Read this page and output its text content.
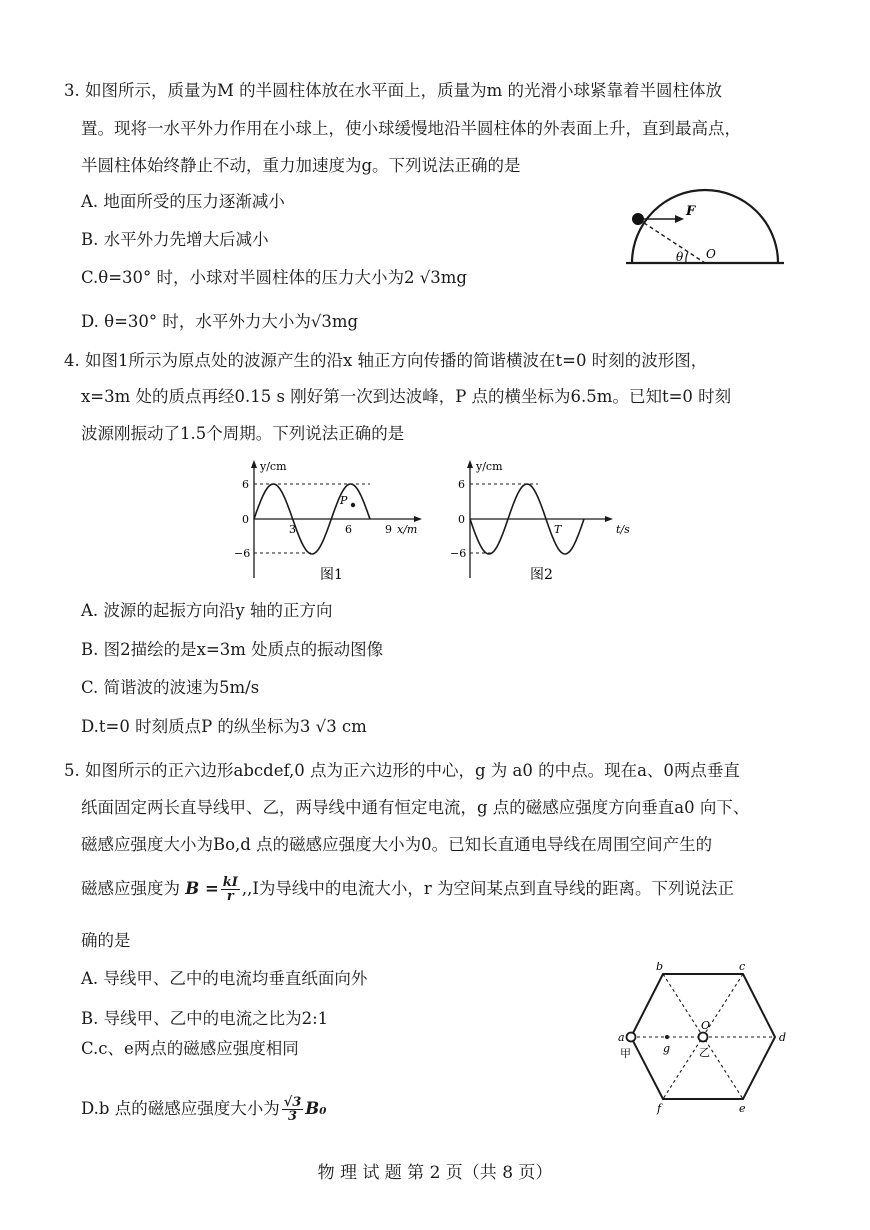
3. 如图所示，质量为M 的半圆柱体放在水平面上，质量为m 的光滑小球紧靠着半圆柱体放
置。现将一水平外力作用在小球上，使小球缓慢地沿半圆柱体的外表面上升，直到最高点，
半圆柱体始终静止不动，重力加速度为g。下列说法正确的是
A. 地面所受的压力逐渐减小
B. 水平外力先增大后减小
C.θ=30° 时，小球对半圆柱体的压力大小为2 √3mg
D. θ=30° 时，水平外力大小为√3mg
F
θ O
4. 如图1所示为原点处的波源产生的沿x 轴正方向传播的简谐横波在t=0 时刻的波形图，
x=3m 处的质点再经0.15 s 刚好第一次到达波峰，P 点的横坐标为6.5m。已知t=0 时刻
波源刚振动了1.5个周期。下列说法正确的是
y/cm
6
0
−6
3	6	9 x/m
P
图1
y/cm
6
0
−6
T	t/s
图2
A. 波源的起振方向沿y 轴的正方向
B. 图2描绘的是x=3m 处质点的振动图像
C. 简谐波的波速为5m/s
D.t=0 时刻质点P 的纵坐标为3 √3 cm
5. 如图所示的正六边形abcdef,0 点为正六边形的中心，g 为 a0 的中点。现在a、0两点垂直
纸面固定两长直导线甲、乙，两导线中通有恒定电流，g 点的磁感应强度方向垂直a0 向下、
磁感应强度大小为Bo,d 点的磁感应强度大小为0。已知长直通电导线在周围空间产生的
磁感应强度为 $B = \frac{kI}{r} ,,I$为导线中的电流大小，r 为空间某点到直导线的距离。下列说法正
确的是
A. 导线甲、乙中的电流均垂直纸面向外
B. 导线甲、乙中的电流之比为2:1
C.c、e两点的磁感应强度相同
D.b 点的磁感应强度大小为 $\frac{√3}{3} B_0$
b	c
d
e
f
a
甲	g
O
乙
物 理 试 题 第 2 页（共 8 页）
